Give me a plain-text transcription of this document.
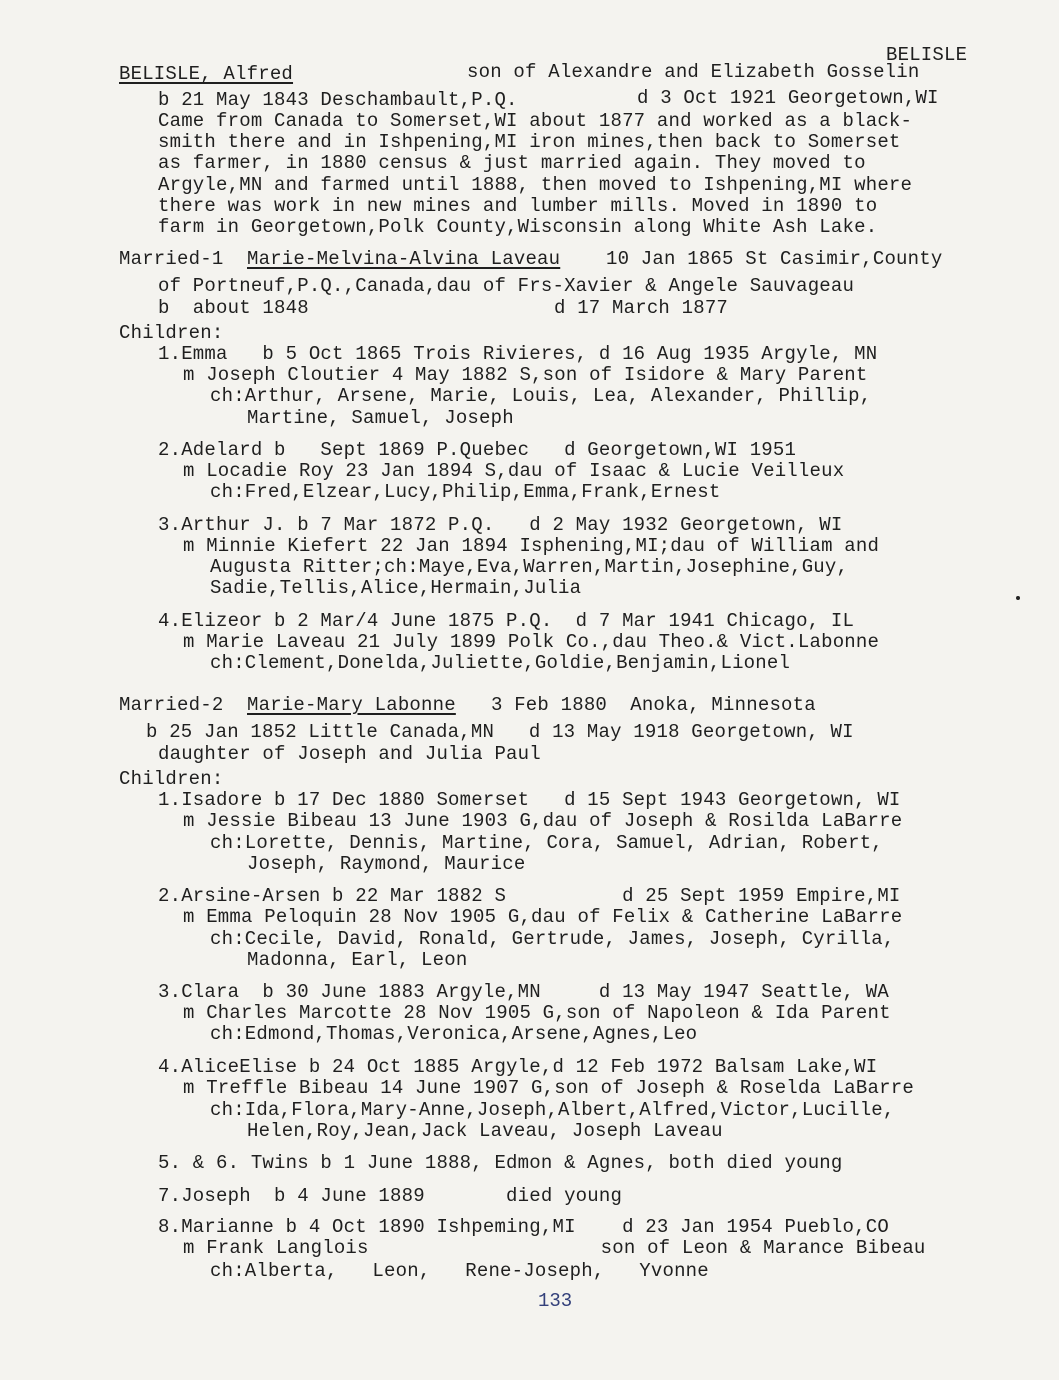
BELISLE
BELISLE, Alfred	son of Alexandre and Elizabeth Gosselin
b 21 May 1843 Deschambault,P.Q.	d 3 Oct 1921 Georgetown,WI
Came from Canada to Somerset,WI about 1877 and worked as a black-
smith there and in Ishpening,MI iron mines,then back to Somerset
as farmer, in 1880 census & just married again. They moved to
Argyle,MN and farmed until 1888, then moved to Ishpening,MI where
there was work in new mines and lumber mills. Moved in 1890 to
farm in Georgetown,Polk County,Wisconsin along White Ash Lake.
Married-1 Marie-Melvina-Alvina Laveau 10 Jan 1865 St Casimir,County
of Portneuf,P.Q.,Canada,dau of Frs-Xavier & Angele Sauvageau
b  about 1848	d 17 March 1877
Children:
1.Emma   b 5 Oct 1865 Trois Rivieres, d 16 Aug 1935 Argyle, MN
m Joseph Cloutier 4 May 1882 S,son of Isidore & Mary Parent
ch:Arthur, Arsene, Marie, Louis, Lea, Alexander, Phillip,
Martine, Samuel, Joseph
2.Adelard b   Sept 1869 P.Quebec   d Georgetown,WI 1951
m Locadie Roy 23 Jan 1894 S,dau of Isaac & Lucie Veilleux
ch:Fred,Elzear,Lucy,Philip,Emma,Frank,Ernest
3.Arthur J. b 7 Mar 1872 P.Q.   d 2 May 1932 Georgetown, WI
m Minnie Kiefert 22 Jan 1894 Isphening,MI;dau of William and
Augusta Ritter;ch:Maye,Eva,Warren,Martin,Josephine,Guy,
Sadie,Tellis,Alice,Hermain,Julia
4.Elizeor b 2 Mar/4 June 1875 P.Q.  d 7 Mar 1941 Chicago, IL
m Marie Laveau 21 July 1899 Polk Co.,dau Theo.& Vict.Labonne
ch:Clement,Donelda,Juliette,Goldie,Benjamin,Lionel
Married-2 Marie-Mary Labonne 3 Feb 1880  Anoka, Minnesota
b 25 Jan 1852 Little Canada,MN   d 13 May 1918 Georgetown, WI
daughter of Joseph and Julia Paul
Children:
1.Isadore b 17 Dec 1880 Somerset   d 15 Sept 1943 Georgetown, WI
m Jessie Bibeau 13 June 1903 G,dau of Joseph & Rosilda LaBarre
ch:Lorette, Dennis, Martine, Cora, Samuel, Adrian, Robert,
Joseph, Raymond, Maurice
2.Arsine-Arsen b 22 Mar 1882 S          d 25 Sept 1959 Empire,MI
m Emma Peloquin 28 Nov 1905 G,dau of Felix & Catherine LaBarre
ch:Cecile, David, Ronald, Gertrude, James, Joseph, Cyrilla,
Madonna, Earl, Leon
3.Clara  b 30 June 1883 Argyle,MN     d 13 May 1947 Seattle, WA
m Charles Marcotte 28 Nov 1905 G,son of Napoleon & Ida Parent
ch:Edmond,Thomas,Veronica,Arsene,Agnes,Leo
4.AliceElise b 24 Oct 1885 Argyle,d 12 Feb 1972 Balsam Lake,WI
m Treffle Bibeau 14 June 1907 G,son of Joseph & Roselda LaBarre
ch:Ida,Flora,Mary-Anne,Joseph,Albert,Alfred,Victor,Lucille,
Helen,Roy,Jean,Jack Laveau, Joseph Laveau
5. & 6. Twins b 1 June 1888, Edmon & Agnes, both died young
7.Joseph  b 4 June 1889       died young
8.Marianne b 4 Oct 1890 Ishpeming,MI    d 23 Jan 1954 Pueblo,CO
m Frank Langlois                    son of Leon & Marance Bibeau
ch:Alberta,   Leon,   Rene-Joseph,   Yvonne
133
